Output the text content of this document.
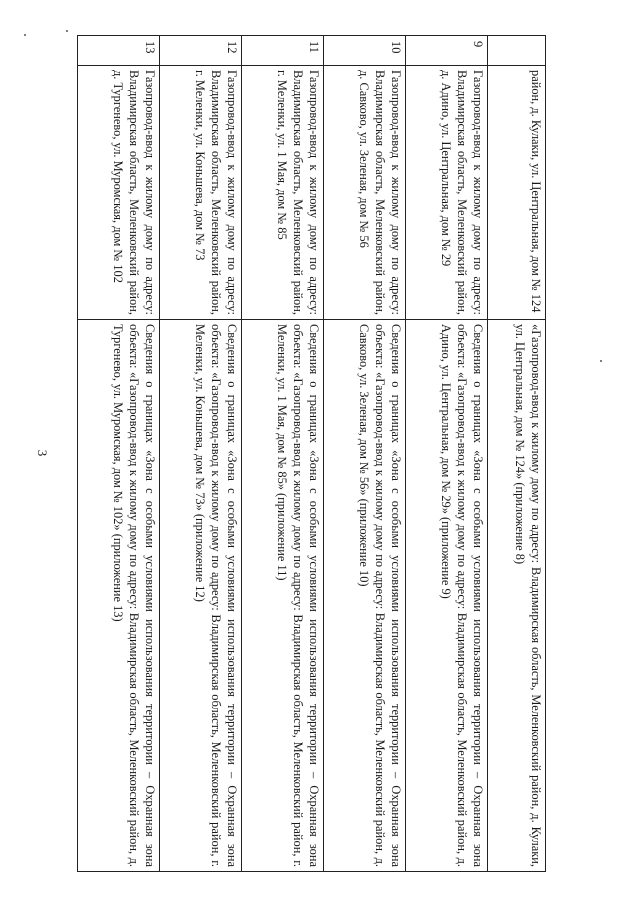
3
	район, д. Кулаки, ул. Центральная, дом № 124	«Газопровод-ввод к жилому дому по адресу: Владимирская область, Меленковский район, д. Кулаки, ул. Центральная, дом № 124» (приложение 8)
9	Газопровод-ввод к жилому дому по адресу: Владимирская область, Меленковский район, д. Адино, ул. Центральная, дом № 29	Сведения о границах «Зона с особыми условиями использования территории – Охранная зона объекта: «Газопровод-ввод к жилому дому по адресу: Владимирская область, Меленковский район, д. Адино, ул. Центральная, дом № 29» (приложение 9)
10	Газопровод-ввод к жилому дому по адресу: Владимирская область, Меленковский район, д. Савково, ул. Зеленая, дом № 56	Сведения о границах «Зона с особыми условиями использования территории – Охранная зона объекта: «Газопровод-ввод к жилому дому по адресу: Владимирская область, Меленковский район, д. Савково, ул. Зеленая, дом № 56» (приложение 10)
11	Газопровод-ввод к жилому дому по адресу: Владимирская область, Меленковский район, г. Меленки, ул. 1 Мая, дом № 85	Сведения о границах «Зона с особыми условиями использования территории – Охранная зона объекта: «Газопровод-ввод к жилому дому по адресу: Владимирская область, Меленковский район, г. Меленки, ул. 1 Мая, дом № 85» (приложение 11)
12	Газопровод-ввод к жилому дому по адресу: Владимирская область, Меленковский район, г. Меленки, ул. Коньшева, дом № 73	Сведения о границах «Зона с особыми условиями использования территории – Охранная зона объекта: «Газопровод-ввод к жилому дому по адресу: Владимирская область, Меленковский район, г. Меленки, ул. Коньшева, дом № 73» (приложение 12)
13	Газопровод-ввод к жилому дому по адресу: Владимирская область, Меленковский район, д. Тургенево, ул. Муромская, дом № 102	Сведения о границах «Зона с особыми условиями использования территории – Охранная зона объекта: «Газопровод-ввод к жилому дому по адресу: Владимирская область, Меленковский район, д. Тургенево, ул. Муромская, дом № 102» (приложение 13)
